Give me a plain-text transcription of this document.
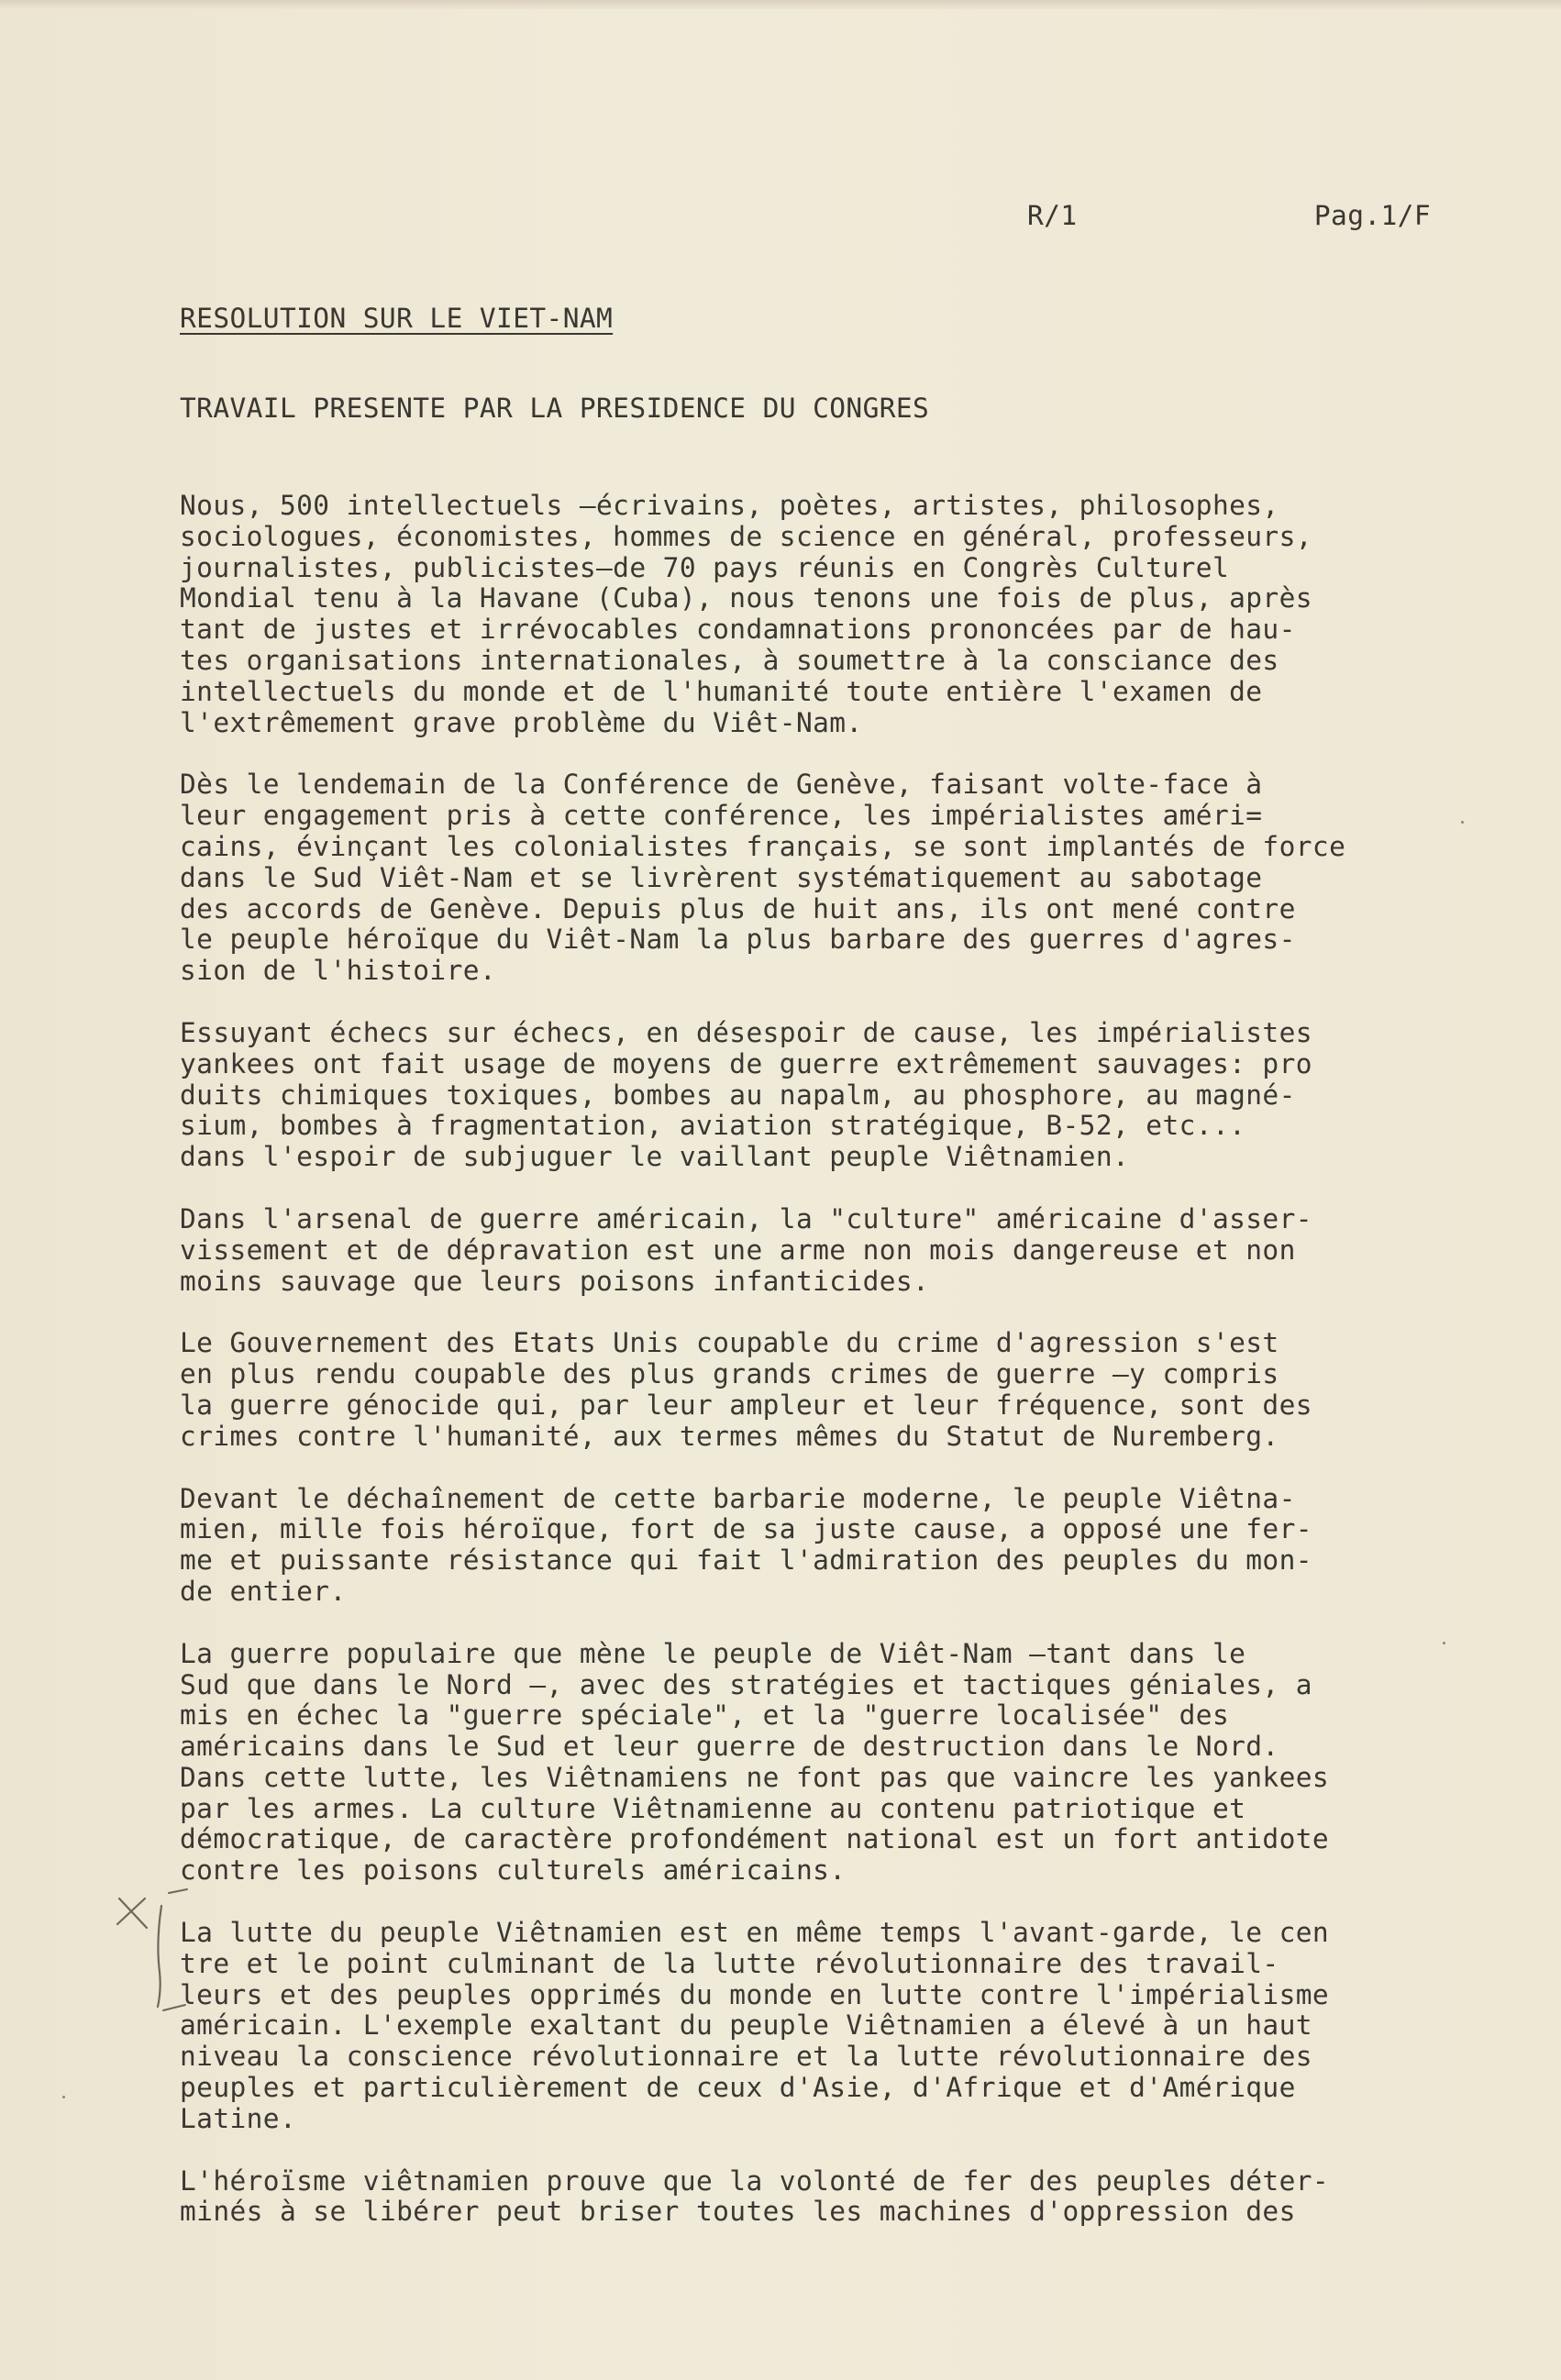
R/1	Pag.1/F
RESOLUTION SUR LE VIET-NAM
TRAVAIL PRESENTE PAR LA PRESIDENCE DU CONGRES
Nous, 500 intellectuels —écrivains, poètes, artistes, philosophes,
sociologues, économistes, hommes de science en général, professeurs,
journalistes, publicistes—de 70 pays réunis en Congrès Culturel
Mondial tenu à la Havane (Cuba), nous tenons une fois de plus, après
tant de justes et irrévocables condamnations prononcées par de hau-
tes organisations internationales, à soumettre à la consciance des
intellectuels du monde et de l'humanité toute entière l'examen de
l'extrêmement grave problème du Viêt-Nam.
Dès le lendemain de la Conférence de Genève, faisant volte-face à
leur engagement pris à cette conférence, les impérialistes améri=
cains, évinçant les colonialistes français, se sont implantés de force
dans le Sud Viêt-Nam et se livrèrent systématiquement au sabotage
des accords de Genève. Depuis plus de huit ans, ils ont mené contre
le peuple héroïque du Viêt-Nam la plus barbare des guerres d'agres-
sion de l'histoire.
Essuyant échecs sur échecs, en désespoir de cause, les impérialistes
yankees ont fait usage de moyens de guerre extrêmement sauvages: pro
duits chimiques toxiques, bombes au napalm, au phosphore, au magné-
sium, bombes à fragmentation, aviation stratégique, B-52, etc...
dans l'espoir de subjuguer le vaillant peuple Viêtnamien.
Dans l'arsenal de guerre américain, la "culture" américaine d'asser-
vissement et de dépravation est une arme non mois dangereuse et non
moins sauvage que leurs poisons infanticides.
Le Gouvernement des Etats Unis coupable du crime d'agression s'est
en plus rendu coupable des plus grands crimes de guerre —y compris
la guerre génocide qui, par leur ampleur et leur fréquence, sont des
crimes contre l'humanité, aux termes mêmes du Statut de Nuremberg.
Devant le déchaînement de cette barbarie moderne, le peuple Viêtna-
mien, mille fois héroïque, fort de sa juste cause, a opposé une fer-
me et puissante résistance qui fait l'admiration des peuples du mon-
de entier.
La guerre populaire que mène le peuple de Viêt-Nam —tant dans le
Sud que dans le Nord —, avec des stratégies et tactiques géniales, a
mis en échec la "guerre spéciale", et la "guerre localisée" des
américains dans le Sud et leur guerre de destruction dans le Nord.
Dans cette lutte, les Viêtnamiens ne font pas que vaincre les yankees
par les armes. La culture Viêtnamienne au contenu patriotique et
démocratique, de caractère profondément national est un fort antidote
contre les poisons culturels américains.
La lutte du peuple Viêtnamien est en même temps l'avant-garde, le cen
tre et le point culminant de la lutte révolutionnaire des travail-
leurs et des peuples opprimés du monde en lutte contre l'impérialisme
américain. L'exemple exaltant du peuple Viêtnamien a élevé à un haut
niveau la conscience révolutionnaire et la lutte révolutionnaire des
peuples et particulièrement de ceux d'Asie, d'Afrique et d'Amérique
Latine.
L'héroïsme viêtnamien prouve que la volonté de fer des peuples déter-
minés à se libérer peut briser toutes les machines d'oppression des
